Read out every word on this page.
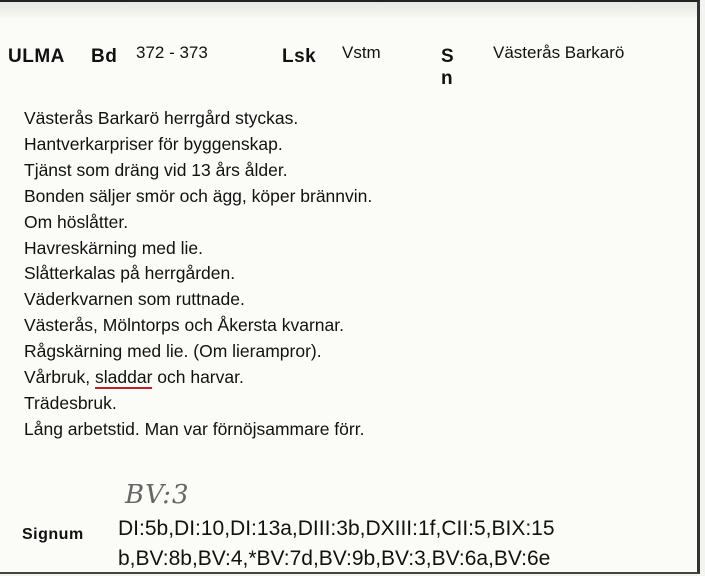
ULMA Bd 372 - 373	Lsk Vstm	S n
Västerås Barkarö
Västerås Barkarö herrgård styckas.
Hantverkarpriser för byggenskap.
Tjänst som dräng vid 13 års ålder.
Bonden säljer smör och ägg, köper brännvin.
Om höslåtter.
Havreskärning med lie.
Slåtterkalas på herrgården.
Väderkvarnen som ruttnade.
Västerås, Mölntorps och Åkersta kvarnar.
Rågskärning med lie. (Om lierampror).
Vårbruk, sladdar och harvar.
Trädesbruk.
Lång arbetstid. Man var förnöjsammare förr.
BV:3
Signum DI:5b,DI:10,DI:13a,DIII:3b,DXIII:1f,CII:5,BIX:15
b,BV:8b,BV:4,*BV:7d,BV:9b,BV:3,BV:6a,BV:6e
